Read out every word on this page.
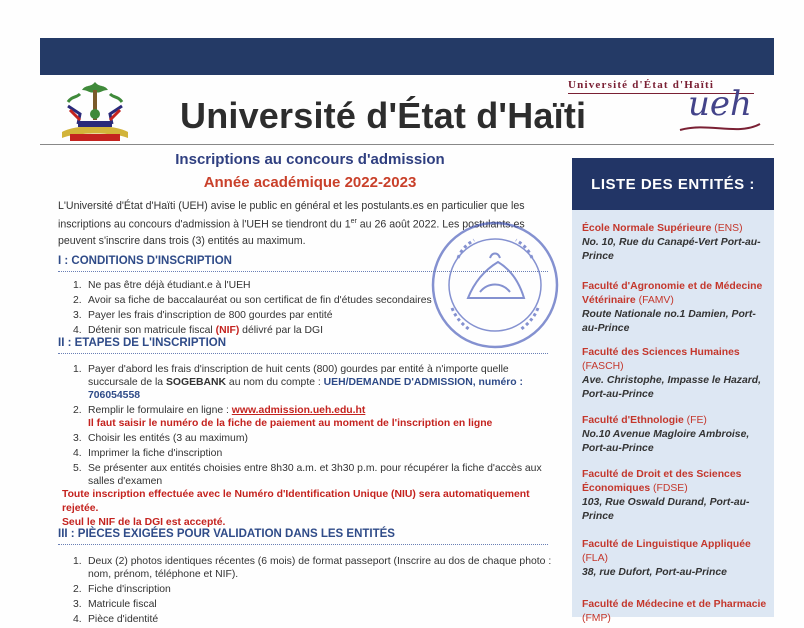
Université d'État d'Haïti
Université d'État d'Haïti	ueh
Inscriptions au concours d'admission
Année académique 2022-2023
L'Université d'État d'Haïti (UEH) avise le public en général et les postulants.es en particulier que les inscriptions au concours d'admission à l'UEH se tiendront du 1er au 26 août 2022. Les postulants.es peuvent s'inscrire dans trois (3) entités au maximum.
I : CONDITIONS D'INSCRIPTION
1. Ne pas être déjà étudiant.e à l'UEH
2. Avoir sa fiche de baccalauréat ou son certificat de fin d'études secondaires
3. Payer les frais d'inscription de 800 gourdes par entité
4. Détenir son matricule fiscal (NIF) délivré par la DGI
II : ETAPES DE L'INSCRIPTION
1. Payer d'abord les frais d'inscription de huit cents (800) gourdes par entité à n'importe quelle succursale de la SOGEBANK au nom du compte : UEH/DEMANDE D'ADMISSION, numéro :
706054558
2. Remplir le formulaire en ligne : www.admission.ueh.edu.ht
Il faut saisir le numéro de la fiche de paiement au moment de l'inscription en ligne
3. Choisir les entités (3 au maximum)
4. Imprimer la fiche d'inscription
5. Se présenter aux entités choisies entre 8h30 a.m. et 3h30 p.m. pour récupérer la fiche d'accès aux salles d'examen
Toute inscription effectuée avec le Numéro d'Identification Unique (NIU) sera automatiquement rejetée.
Seul le NIF de la DGI est accepté.
III : PIÈCES EXIGÉES POUR VALIDATION DANS LES ENTITÉS
1. Deux (2) photos identiques récentes (6 mois) de format passeport (Inscrire au dos de chaque photo : nom, prénom, téléphone et NIF).
2. Fiche d'inscription
3. Matricule fiscal
4. Pièce d'identité
LISTE DES ENTITÉS :
École Normale Supérieure (ENS)
No. 10, Rue du Canapé-Vert Port-au-Prince
Faculté d'Agronomie et de Médecine Vétérinaire (FAMV)
Route Nationale no.1 Damien, Port-au-Prince
Faculté des Sciences Humaines (FASCH)
Ave. Christophe, Impasse le Hazard, Port-au-Prince
Faculté d'Ethnologie (FE)
No.10 Avenue Magloire Ambroise, Port-au-Prince
Faculté de Droit et des Sciences Économiques (FDSE)
103, Rue Oswald Durand, Port-au-Prince
Faculté de Linguistique Appliquée (FLA)
38, rue Dufort, Port-au-Prince
Faculté de Médecine et de Pharmacie (FMP)
